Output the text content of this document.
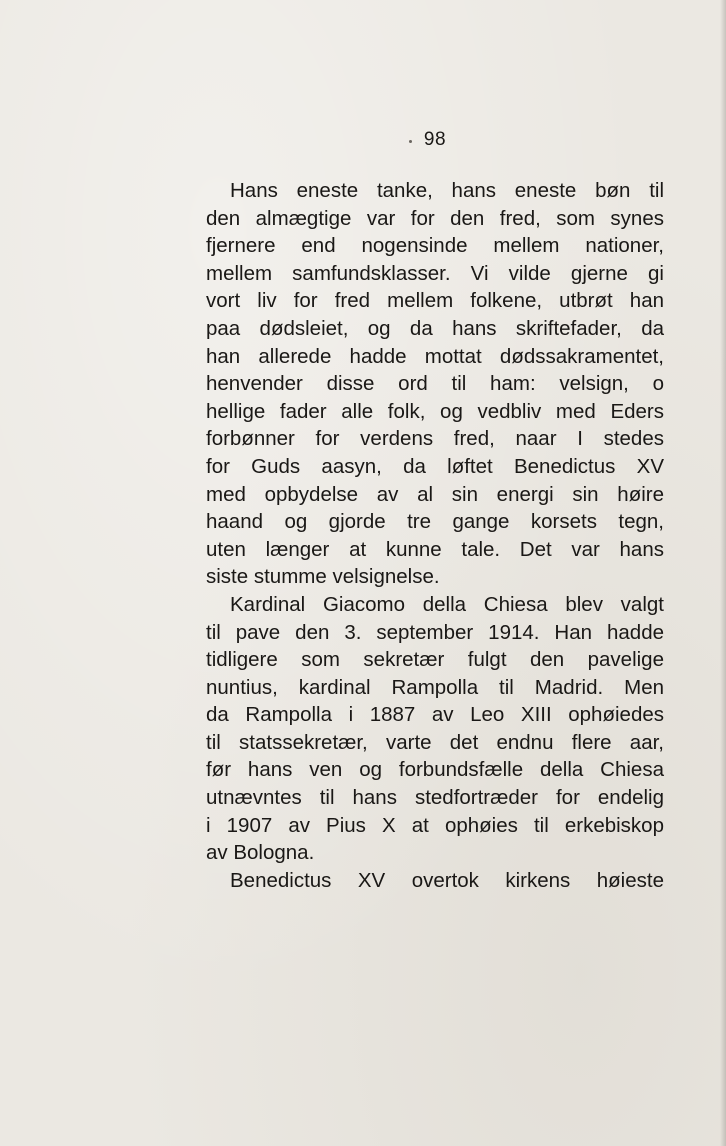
98
Hans eneste tanke, hans eneste bøn til
den almægtige var for den fred, som synes
fjernere end nogensinde mellem nationer,
mellem samfundsklasser. Vi vilde gjerne gi
vort liv for fred mellem folkene, utbrøt han
paa dødsleiet, og da hans skriftefader, da
han allerede hadde mottat dødssakramentet,
henvender disse ord til ham: velsign, o
hellige fader alle folk, og vedbliv med Eders
forbønner for verdens fred, naar I stedes
for Guds aasyn, da løftet Benedictus XV
med opbydelse av al sin energi sin høire
haand og gjorde tre gange korsets tegn,
uten længer at kunne tale. Det var hans
siste stumme velsignelse.
Kardinal Giacomo della Chiesa blev valgt
til pave den 3. september 1914. Han hadde
tidligere som sekretær fulgt den pavelige
nuntius, kardinal Rampolla til Madrid. Men
da Rampolla i 1887 av Leo XIII ophøiedes
til statssekretær, varte det endnu flere aar,
før hans ven og forbundsfælle della Chiesa
utnævntes til hans stedfortræder for endelig
i 1907 av Pius X at ophøies til erkebiskop
av Bologna.
Benedictus XV overtok kirkens høieste
